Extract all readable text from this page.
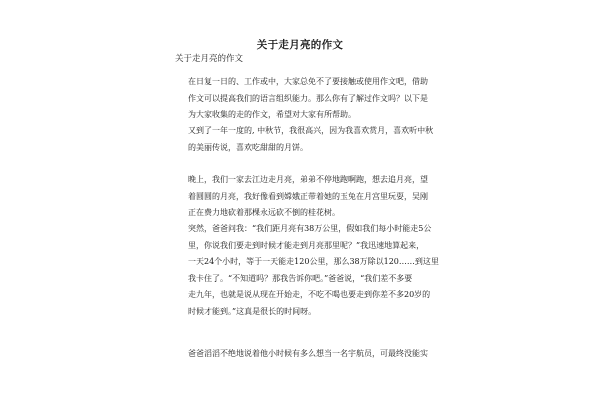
关于走月亮的作文
关于走月亮的作文

在日复一日的、工作或中，大家总免不了要接触或使用作文吧，借助
作文可以提高我们的语言组织能力。那么你有了解过作文吗？以下是
为大家收集的走的作文，希望对大家有所帮助。

又到了一年一度的, 中秋节，我很高兴，因为我喜欢赏月，喜欢听中秋
的美丽传说，喜欢吃甜甜的月饼。

晚上，我们一家去江边走月亮，弟弟不停地跑啊跑，想去追月亮，望
着圆圆的月亮，我好像看到嫦娥正带着她的玉兔在月宫里玩耍，吴刚
正在费力地砍着那棵永远砍不倒的桂花树。

突然，爸爸问我：“我们距月亮有38万公里，假如我们每小时能走5公
里，你说我们要走到时候才能走到月亮那里呢？”我迅速地算起来，
一天24个小时，等于一天能走120公里，那么38万除以120……到这里
我卡住了。“不知道吗？那我告诉你吧。”爸爸说，“我们差不多要
走九年，也就是说从现在开始走，不吃不喝也要走到你差不多20岁的
时候才能到。”这真是很长的时间呀。

爸爸滔滔不绝地说着他小时候有多么想当一名宇航员，可最终没能实
